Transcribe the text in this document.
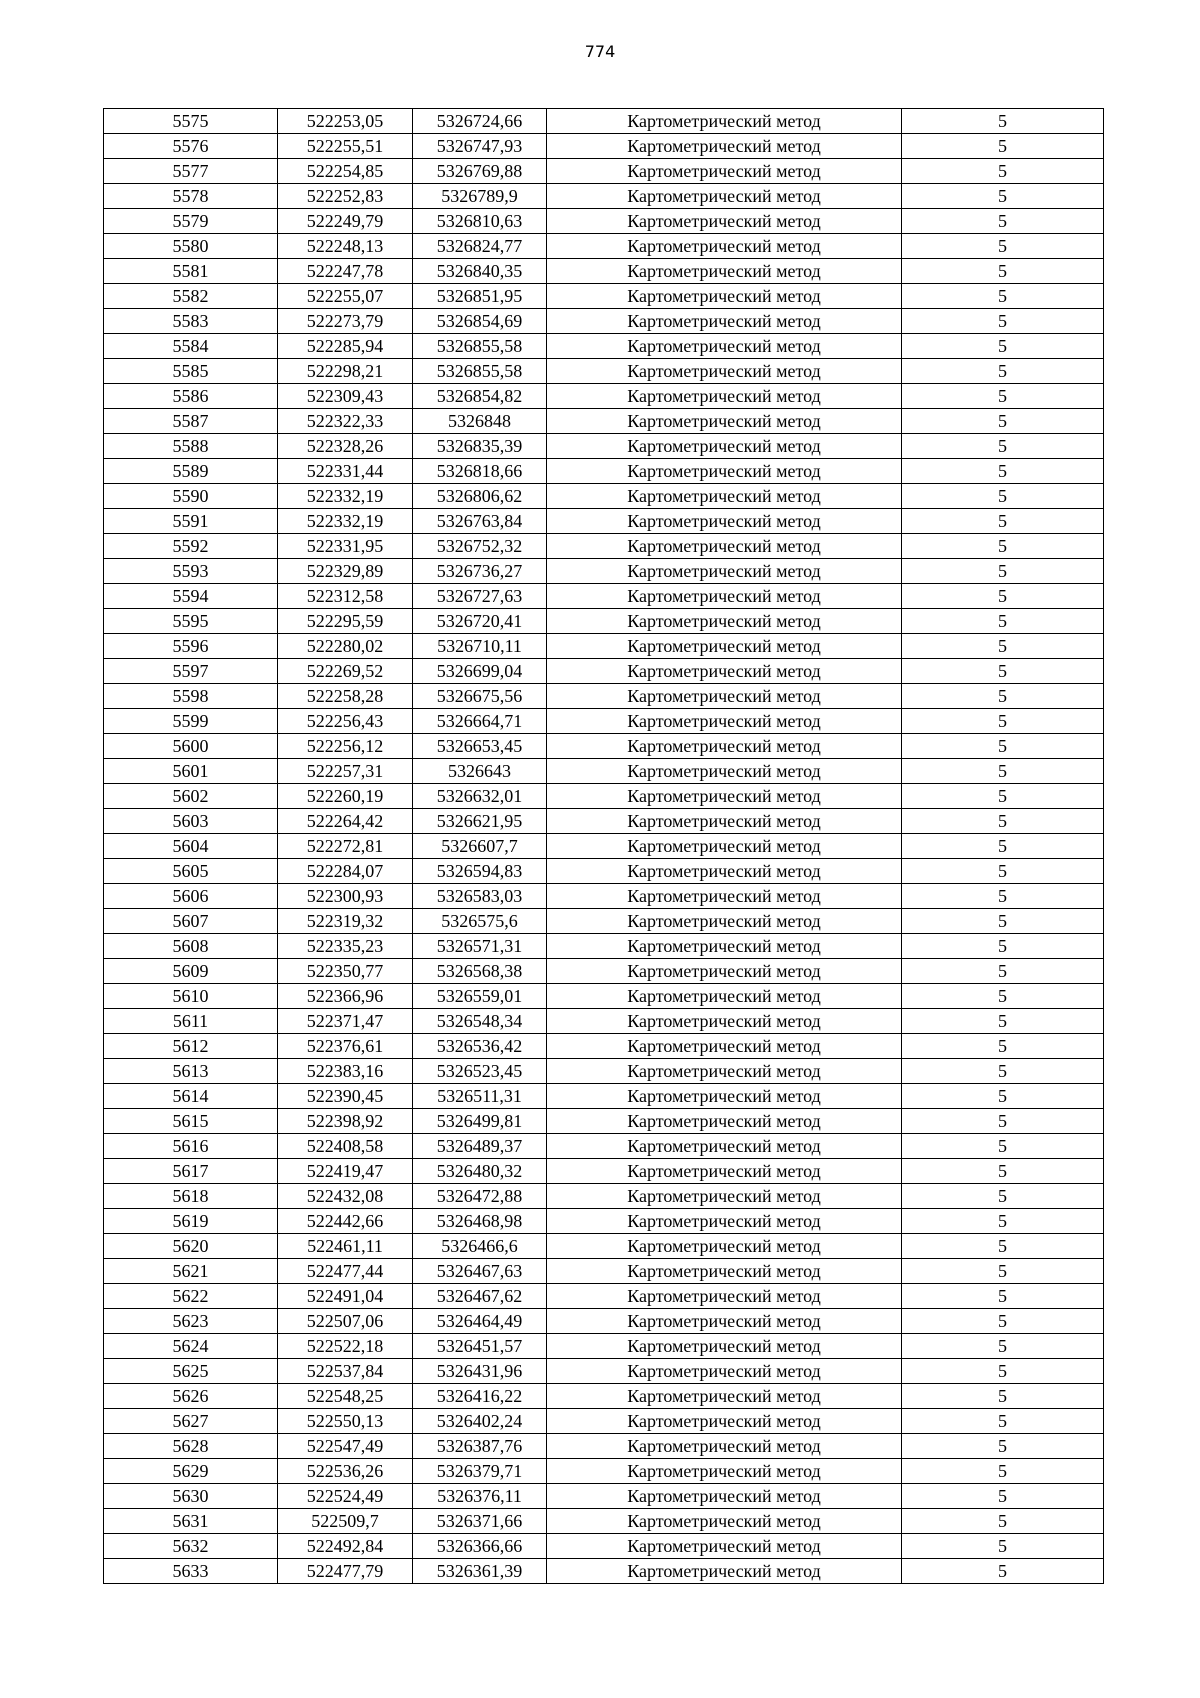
774
5575	522253,05	5326724,66	Картометрический метод	5
5576	522255,51	5326747,93	Картометрический метод	5
5577	522254,85	5326769,88	Картометрический метод	5
5578	522252,83	5326789,9	Картометрический метод	5
5579	522249,79	5326810,63	Картометрический метод	5
5580	522248,13	5326824,77	Картометрический метод	5
5581	522247,78	5326840,35	Картометрический метод	5
5582	522255,07	5326851,95	Картометрический метод	5
5583	522273,79	5326854,69	Картометрический метод	5
5584	522285,94	5326855,58	Картометрический метод	5
5585	522298,21	5326855,58	Картометрический метод	5
5586	522309,43	5326854,82	Картометрический метод	5
5587	522322,33	5326848	Картометрический метод	5
5588	522328,26	5326835,39	Картометрический метод	5
5589	522331,44	5326818,66	Картометрический метод	5
5590	522332,19	5326806,62	Картометрический метод	5
5591	522332,19	5326763,84	Картометрический метод	5
5592	522331,95	5326752,32	Картометрический метод	5
5593	522329,89	5326736,27	Картометрический метод	5
5594	522312,58	5326727,63	Картометрический метод	5
5595	522295,59	5326720,41	Картометрический метод	5
5596	522280,02	5326710,11	Картометрический метод	5
5597	522269,52	5326699,04	Картометрический метод	5
5598	522258,28	5326675,56	Картометрический метод	5
5599	522256,43	5326664,71	Картометрический метод	5
5600	522256,12	5326653,45	Картометрический метод	5
5601	522257,31	5326643	Картометрический метод	5
5602	522260,19	5326632,01	Картометрический метод	5
5603	522264,42	5326621,95	Картометрический метод	5
5604	522272,81	5326607,7	Картометрический метод	5
5605	522284,07	5326594,83	Картометрический метод	5
5606	522300,93	5326583,03	Картометрический метод	5
5607	522319,32	5326575,6	Картометрический метод	5
5608	522335,23	5326571,31	Картометрический метод	5
5609	522350,77	5326568,38	Картометрический метод	5
5610	522366,96	5326559,01	Картометрический метод	5
5611	522371,47	5326548,34	Картометрический метод	5
5612	522376,61	5326536,42	Картометрический метод	5
5613	522383,16	5326523,45	Картометрический метод	5
5614	522390,45	5326511,31	Картометрический метод	5
5615	522398,92	5326499,81	Картометрический метод	5
5616	522408,58	5326489,37	Картометрический метод	5
5617	522419,47	5326480,32	Картометрический метод	5
5618	522432,08	5326472,88	Картометрический метод	5
5619	522442,66	5326468,98	Картометрический метод	5
5620	522461,11	5326466,6	Картометрический метод	5
5621	522477,44	5326467,63	Картометрический метод	5
5622	522491,04	5326467,62	Картометрический метод	5
5623	522507,06	5326464,49	Картометрический метод	5
5624	522522,18	5326451,57	Картометрический метод	5
5625	522537,84	5326431,96	Картометрический метод	5
5626	522548,25	5326416,22	Картометрический метод	5
5627	522550,13	5326402,24	Картометрический метод	5
5628	522547,49	5326387,76	Картометрический метод	5
5629	522536,26	5326379,71	Картометрический метод	5
5630	522524,49	5326376,11	Картометрический метод	5
5631	522509,7	5326371,66	Картометрический метод	5
5632	522492,84	5326366,66	Картометрический метод	5
5633	522477,79	5326361,39	Картометрический метод	5
